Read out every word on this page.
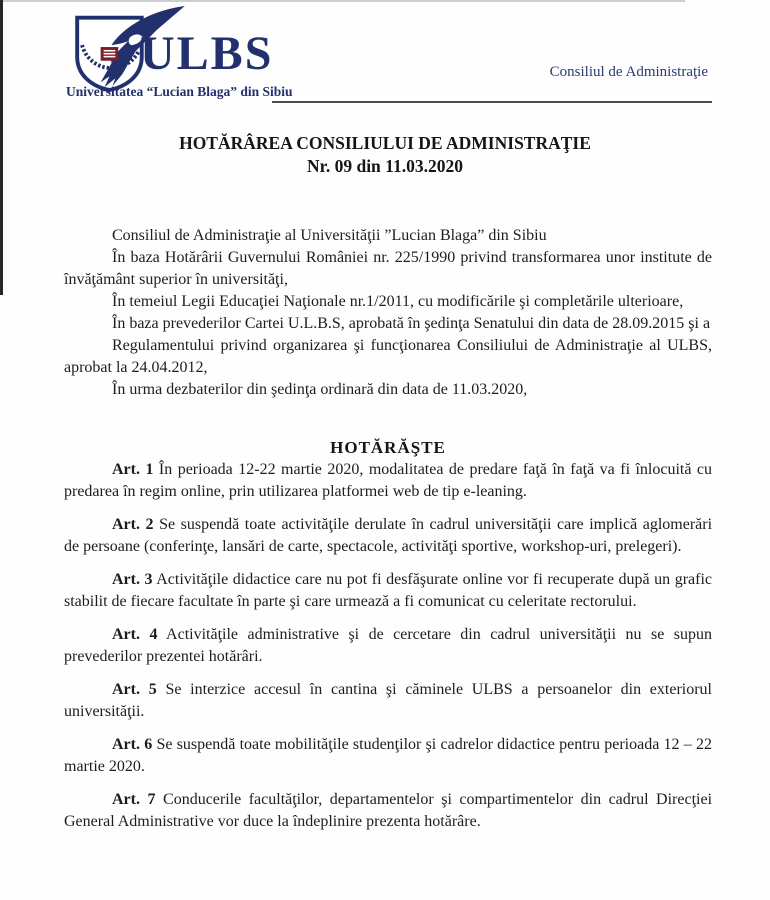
ULBS
Universitatea “Lucian Blaga” din Sibiu
Consiliul de Administraţie
HOTĂRÂREA CONSILIULUI DE ADMINISTRAŢIE
Nr. 09 din 11.03.2020

Consiliul de Administraţie al Universităţii ”Lucian Blaga” din Sibiu

În baza Hotărârii Guvernului României nr. 225/1990 privind transformarea unor institute de învăţământ superior în universităţi,

În temeiul Legii Educaţiei Naţionale nr.1/2011, cu modificările şi completările ulterioare,

În baza prevederilor Cartei U.L.B.S, aprobată în şedinţa Senatului din data de 28.09.2015 şi a

Regulamentului privind organizarea şi funcţionarea Consiliului de Administraţie al ULBS, aprobat la 24.04.2012,

În urma dezbaterilor din şedinţa ordinară din data de 11.03.2020,

HOTĂRĂŞTE

Art. 1 În perioada 12-22 martie 2020, modalitatea de predare faţă în faţă va fi înlocuită cu predarea în regim online, prin utilizarea platformei web de tip e-leaning.

Art. 2 Se suspendă toate activităţile derulate în cadrul universităţii care implică aglomerări de persoane (conferinţe, lansări de carte, spectacole, activităţi sportive, workshop-uri, prelegeri).

Art. 3 Activităţile didactice care nu pot fi desfăşurate online vor fi recuperate după un grafic stabilit de fiecare facultate în parte şi care urmează a fi comunicat cu celeritate rectorului.

Art. 4 Activităţile administrative şi de cercetare din cadrul universităţii nu se supun prevederilor prezentei hotărâri.

Art. 5 Se interzice accesul în cantina şi căminele ULBS a persoanelor din exteriorul universităţii.

Art. 6 Se suspendă toate mobilităţile studenţilor şi cadrelor didactice pentru perioada 12 – 22 martie 2020.

Art. 7 Conducerile facultăţilor, departamentelor şi compartimentelor din cadrul Direcţiei General Administrative vor duce la îndeplinire prezenta hotărâre.
